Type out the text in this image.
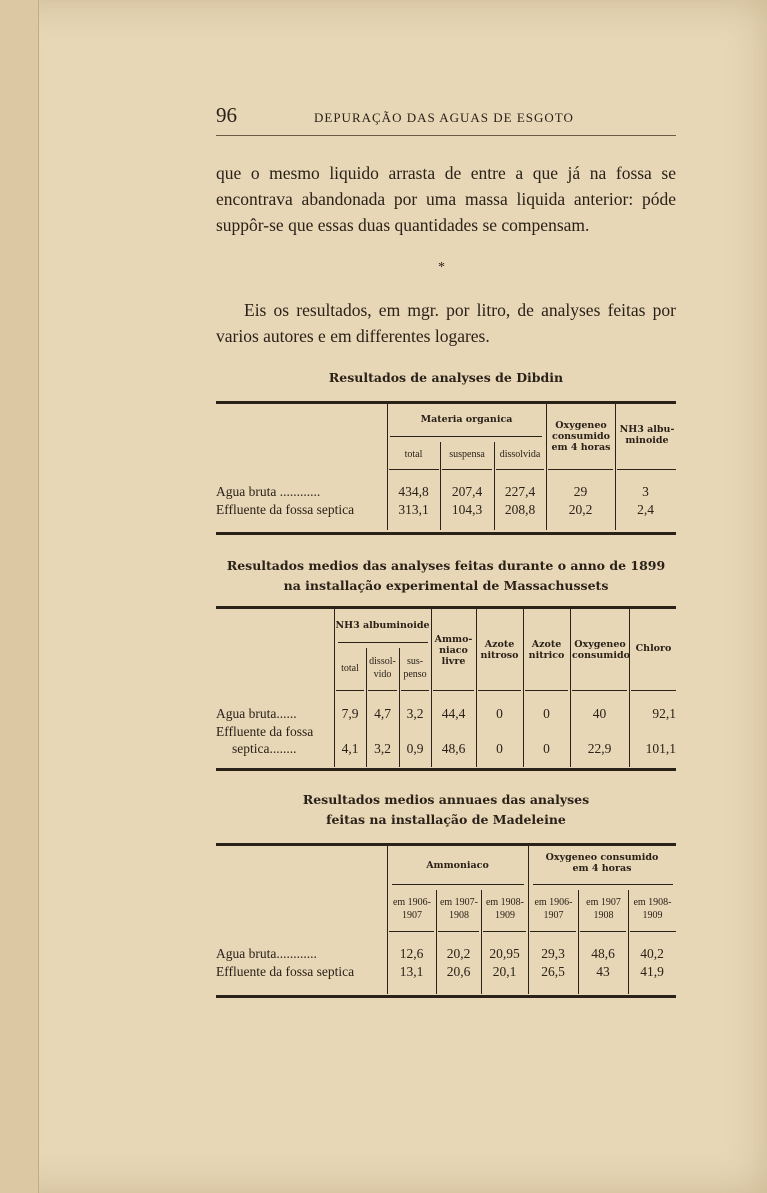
96	DEPURAÇÃO DAS AGUAS DE ESGOTO
que o mesmo liquido arrasta de entre a que já na fossa se encontrava abandonada por uma massa liquida anterior: póde suppôr-se que essas duas quantidades se compensam.
*
Eis os resultados, em mgr. por litro, de analyses feitas por varios autores e em differentes logares.
Resultados de analyses de Dibdin
Materia organica
total	suspensa	dissolvida
Oxygeneo consumido em 4 horas
NH3 albu-minoide
Agua bruta ............	434,8	207,4	227,4	29	3
Effluente da fossa septica	313,1	104,3	208,8	20,2	2,4
Resultados medios das analyses feitas durante o anno de 1899
na installação experimental de Massachussets
NH3 albuminoide
total
dissol-vido
sus-penso
Ammo-niaco livre
Azote nitroso
Azote nitrico
Oxygeneo consumido
Chloro
Agua bruta......	7,9	4,7	3,2	44,4	0	0	40	92,1
Effluente da fossa
septica........	4,1	3,2	0,9	48,6	0	0	22,9	101,1
Resultados medios annuaes das analyses
feitas na installação de Madeleine
Ammoniaco
Oxygeneo consumido em 4 horas
em 1906-1907
em 1907-1908
em 1908-1909
em 1906-1907
em 1907 1908
em 1908-1909
Agua bruta............	12,6	20,2	20,95	29,3	48,6	40,2
Effluente da fossa septica	13,1	20,6	20,1	26,5	43	41,9
